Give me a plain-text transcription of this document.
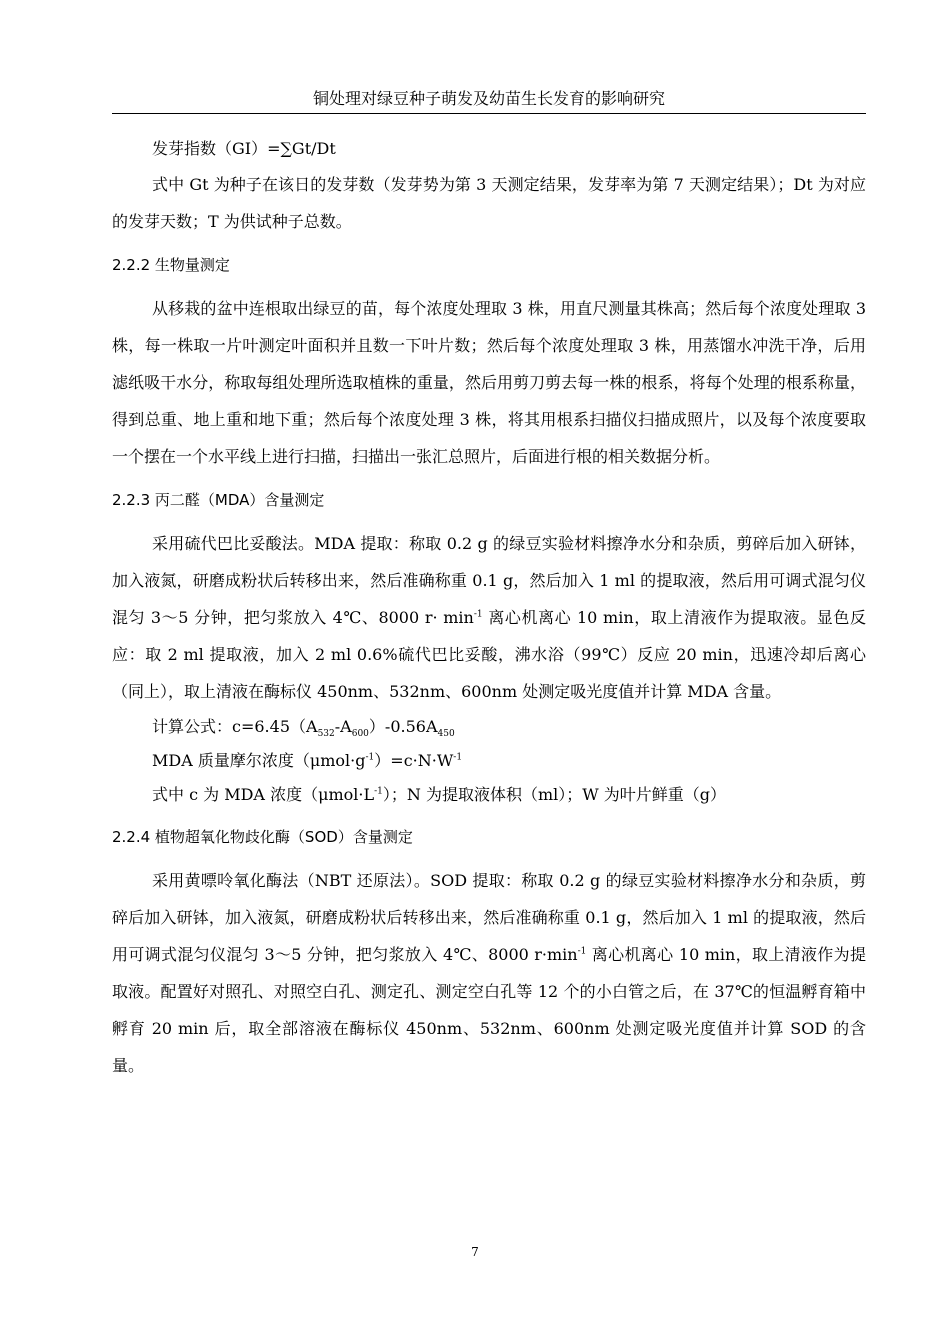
铜处理对绿豆种子萌发及幼苗生长发育的影响研究

发芽指数（GI）=∑Gt/Dt

式中 Gt 为种子在该日的发芽数（发芽势为第 3 天测定结果，发芽率为第 7 天测定结果）；Dt 为对应的发芽天数；T 为供试种子总数。

2.2.2 生物量测定

从移栽的盆中连根取出绿豆的苗，每个浓度处理取 3 株，用直尺测量其株高；然后每个浓度处理取 3 株，每一株取一片叶测定叶面积并且数一下叶片数；然后每个浓度处理取 3 株，用蒸馏水冲洗干净，后用滤纸吸干水分，称取每组处理所选取植株的重量，然后用剪刀剪去每一株的根系，将每个处理的根系称量，得到总重、地上重和地下重；然后每个浓度处理 3 株，将其用根系扫描仪扫描成照片，以及每个浓度要取一个摆在一个水平线上进行扫描，扫描出一张汇总照片，后面进行根的相关数据分析。

2.2.3 丙二醛（MDA）含量测定

采用硫代巴比妥酸法。MDA 提取：称取 0.2 g 的绿豆实验材料擦净水分和杂质，剪碎后加入研钵，加入液氮，研磨成粉状后转移出来，然后准确称重 0.1 g，然后加入 1 ml 的提取液，然后用可调式混匀仪混匀 3～5 分钟，把匀浆放入 4℃、8000 $r\cdot \min^{-1}$ 离心机离心 10 min，取上清液作为提取液。显色反应：取 2 ml 提取液，加入 2 ml 0.6%硫代巴比妥酸，沸水浴（99℃）反应 20 min，迅速冷却后离心（同上），取上清液在酶标仪 450nm、532nm、600nm 处测定吸光度值并计算 MDA 含量。

计算公式：$c=6.45(A_{532}-A_{600})-0.56A_{450}$

MDA 质量摩尔浓度$(\mu mol\cdot g^{-1})=c\cdot N\cdot W^{-1}$

式中 c 为 MDA 浓度$(\mu mol\cdot L^{-1})$；N 为提取液体积（ml）；W 为叶片鲜重（g）

2.2.4 植物超氧化物歧化酶（SOD）含量测定

采用黄嘌呤氧化酶法（NBT 还原法）。SOD 提取：称取 0.2 g 的绿豆实验材料擦净水分和杂质，剪碎后加入研钵，加入液氮，研磨成粉状后转移出来，然后准确称重 0.1 g，然后加入 1 ml 的提取液，然后用可调式混匀仪混匀 3～5 分钟，把匀浆放入 4℃、8000 $r\cdot\min^{-1}$ 离心机离心 10 min，取上清液作为提取液。配置好对照孔、对照空白孔、测定孔、测定空白孔等 12 个的小白管之后，在 37℃的恒温孵育箱中孵育 20 min 后，取全部溶液在酶标仪 450nm、532nm、600nm 处测定吸光度值并计算 SOD 的含量。

7
